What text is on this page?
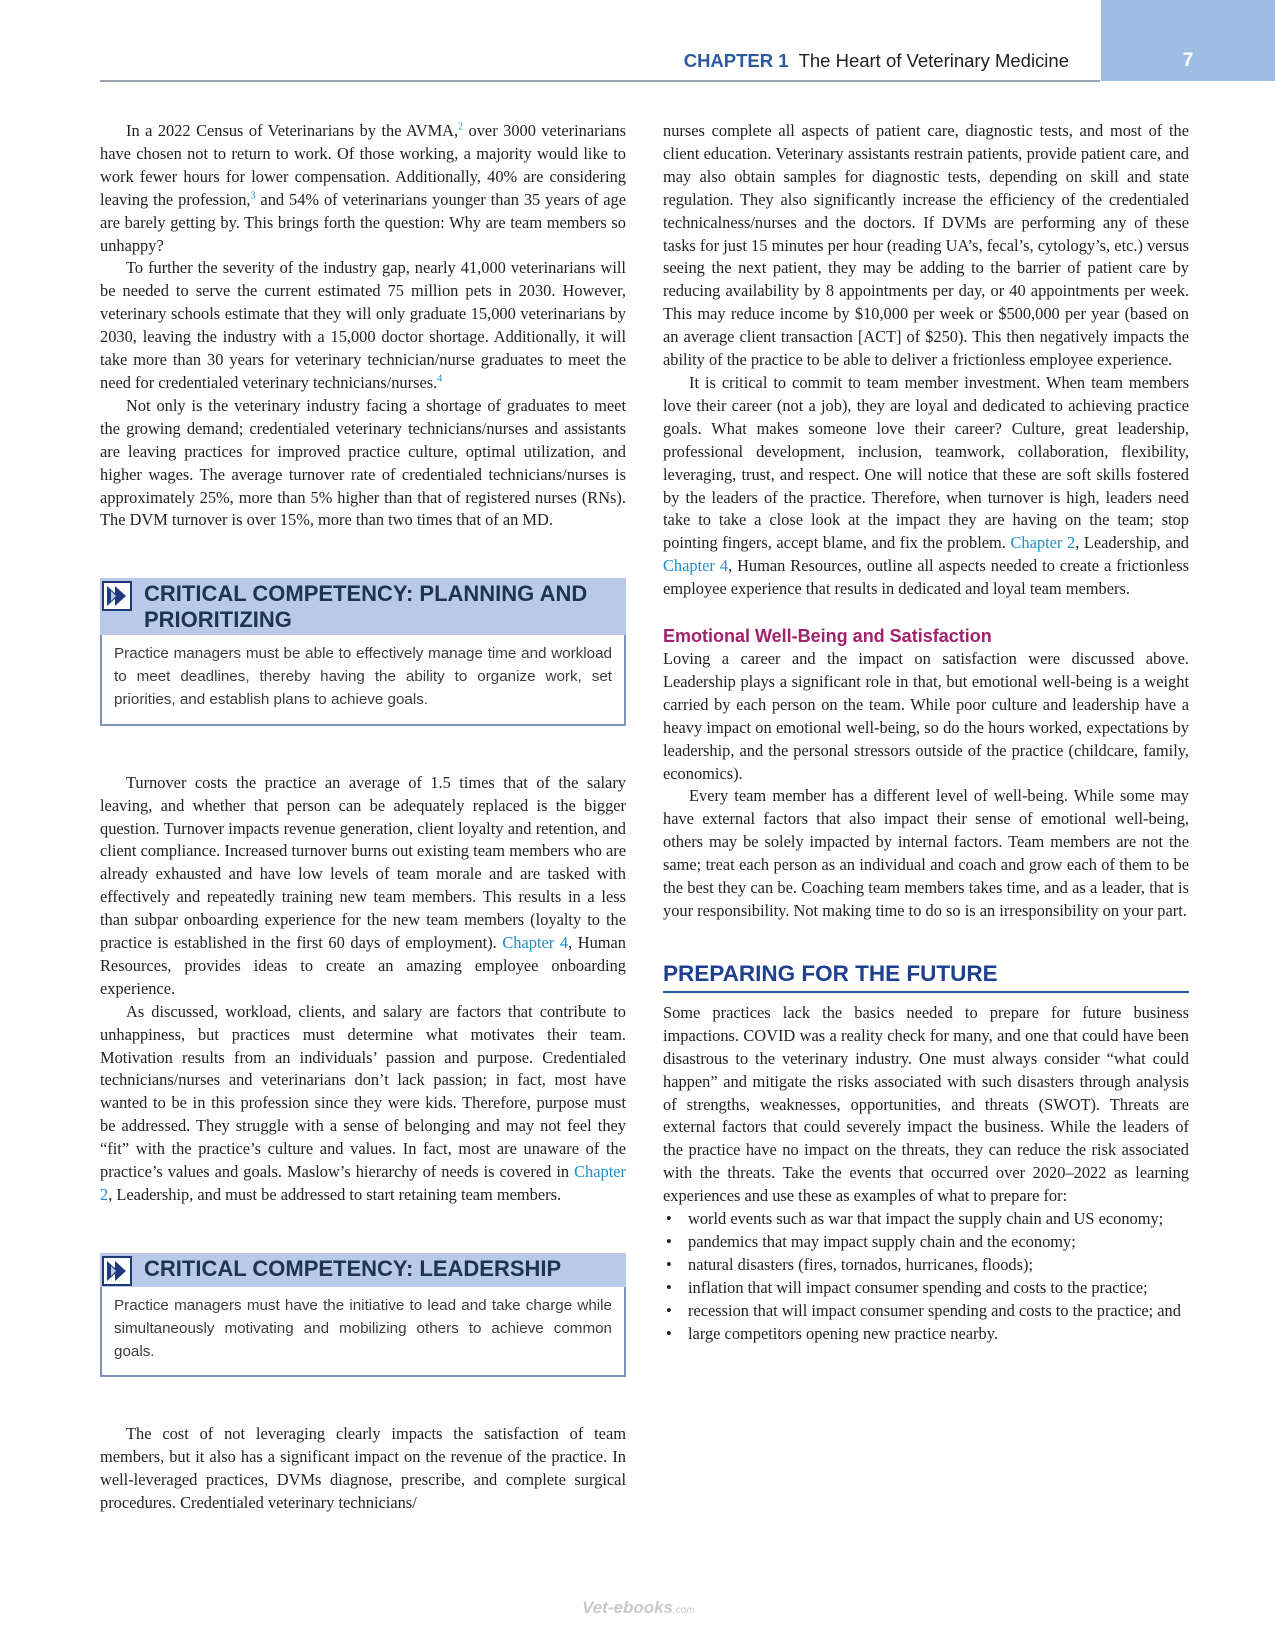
CHAPTER 1 The Heart of Veterinary Medicine	7

In a 2022 Census of Veterinarians by the AVMA,$^2$ over 3000 veterinarians have chosen not to return to work. Of those working, a majority would like to work fewer hours for lower compensation. Additionally, 40% are considering leaving the profession,$^3$ and 54% of veterinarians younger than 35 years of age are barely getting by. This brings forth the question: Why are team members so unhappy?

To further the severity of the industry gap, nearly 41,000 veterinarians will be needed to serve the current estimated 75 million pets in 2030. However, veterinary schools estimate that they will only graduate 15,000 veterinarians by 2030, leaving the industry with a 15,000 doctor shortage. Additionally, it will take more than 30 years for veterinary technician/nurse graduates to meet the need for credentialed veterinary technicians/nurses.$^4$

Not only is the veterinary industry facing a shortage of graduates to meet the growing demand; credentialed veterinary technicians/nurses and assistants are leaving practices for improved practice culture, optimal utilization, and higher wages. The average turnover rate of credentialed technicians/nurses is approximately 25%, more than 5% higher than that of registered nurses (RNs). The DVM turnover is over 15%, more than two times that of an MD.

CRITICAL COMPETENCY: PLANNING AND PRIORITIZING
Practice managers must be able to effectively manage time and workload to meet deadlines, thereby having the ability to organize work, set priorities, and establish plans to achieve goals.

Turnover costs the practice an average of 1.5 times that of the salary leaving, and whether that person can be adequately replaced is the bigger question. Turnover impacts revenue generation, client loyalty and retention, and client compliance. Increased turnover burns out existing team members who are already exhausted and have low levels of team morale and are tasked with effectively and repeatedly training new team members. This results in a less than subpar onboarding experience for the new team members (loyalty to the practice is established in the first 60 days of employment). Chapter 4, Human Resources, provides ideas to create an amazing employee onboarding experience.

As discussed, workload, clients, and salary are factors that contribute to unhappiness, but practices must determine what motivates their team. Motivation results from an individuals’ passion and purpose. Credentialed technicians/nurses and veterinarians don’t lack passion; in fact, most have wanted to be in this profession since they were kids. Therefore, purpose must be addressed. They struggle with a sense of belonging and may not feel they “fit” with the practice’s culture and values. In fact, most are unaware of the practice’s values and goals. Maslow’s hierarchy of needs is covered in Chapter 2, Leadership, and must be addressed to start retaining team members.

CRITICAL COMPETENCY: LEADERSHIP
Practice managers must have the initiative to lead and take charge while simultaneously motivating and mobilizing others to achieve common goals.

The cost of not leveraging clearly impacts the satisfaction of team members, but it also has a significant impact on the revenue of the practice. In well-leveraged practices, DVMs diagnose, prescribe, and complete surgical procedures. Credentialed veterinary technicians/

nurses complete all aspects of patient care, diagnostic tests, and most of the client education. Veterinary assistants restrain patients, provide patient care, and may also obtain samples for diagnostic tests, depending on skill and state regulation. They also significantly increase the efficiency of the credentialed technicalness/nurses and the doctors. If DVMs are performing any of these tasks for just 15 minutes per hour (reading UA’s, fecal’s, cytology’s, etc.) versus seeing the next patient, they may be adding to the barrier of patient care by reducing availability by 8 appointments per day, or 40 appointments per week. This may reduce income by $10,000 per week or $500,000 per year (based on an average client transaction [ACT] of $250). This then negatively impacts the ability of the practice to be able to deliver a frictionless employee experience.

It is critical to commit to team member investment. When team members love their career (not a job), they are loyal and dedicated to achieving practice goals. What makes someone love their career? Culture, great leadership, professional development, inclusion, teamwork, collaboration, flexibility, leveraging, trust, and respect. One will notice that these are soft skills fostered by the leaders of the practice. Therefore, when turnover is high, leaders need take to take a close look at the impact they are having on the team; stop pointing fingers, accept blame, and fix the problem. Chapter 2, Leadership, and Chapter 4, Human Resources, outline all aspects needed to create a frictionless employee experience that results in dedicated and loyal team members.

Emotional Well-Being and Satisfaction

Loving a career and the impact on satisfaction were discussed above. Leadership plays a significant role in that, but emotional well-being is a weight carried by each person on the team. While poor culture and leadership have a heavy impact on emotional well-being, so do the hours worked, expectations by leadership, and the personal stressors outside of the practice (childcare, family, economics).

Every team member has a different level of well-being. While some may have external factors that also impact their sense of emotional well-being, others may be solely impacted by internal factors. Team members are not the same; treat each person as an individual and coach and grow each of them to be the best they can be. Coaching team members takes time, and as a leader, that is your responsibility. Not making time to do so is an irresponsibility on your part.

PREPARING FOR THE FUTURE

Some practices lack the basics needed to prepare for future business impactions. COVID was a reality check for many, and one that could have been disastrous to the veterinary industry. One must always consider “what could happen” and mitigate the risks associated with such disasters through analysis of strengths, weaknesses, opportunities, and threats (SWOT). Threats are external factors that could severely impact the business. While the leaders of the practice have no impact on the threats, they can reduce the risk associated with the threats. Take the events that occurred over 2020–2022 as learning experiences and use these as examples of what to prepare for:

• world events such as war that impact the supply chain and US economy;
• pandemics that may impact supply chain and the economy;
• natural disasters (fires, tornados, hurricanes, floods);
• inflation that will impact consumer spending and costs to the practice;
• recession that will impact consumer spending and costs to the practice; and
• large competitors opening new practice nearby.
Vet-ebooks.com
